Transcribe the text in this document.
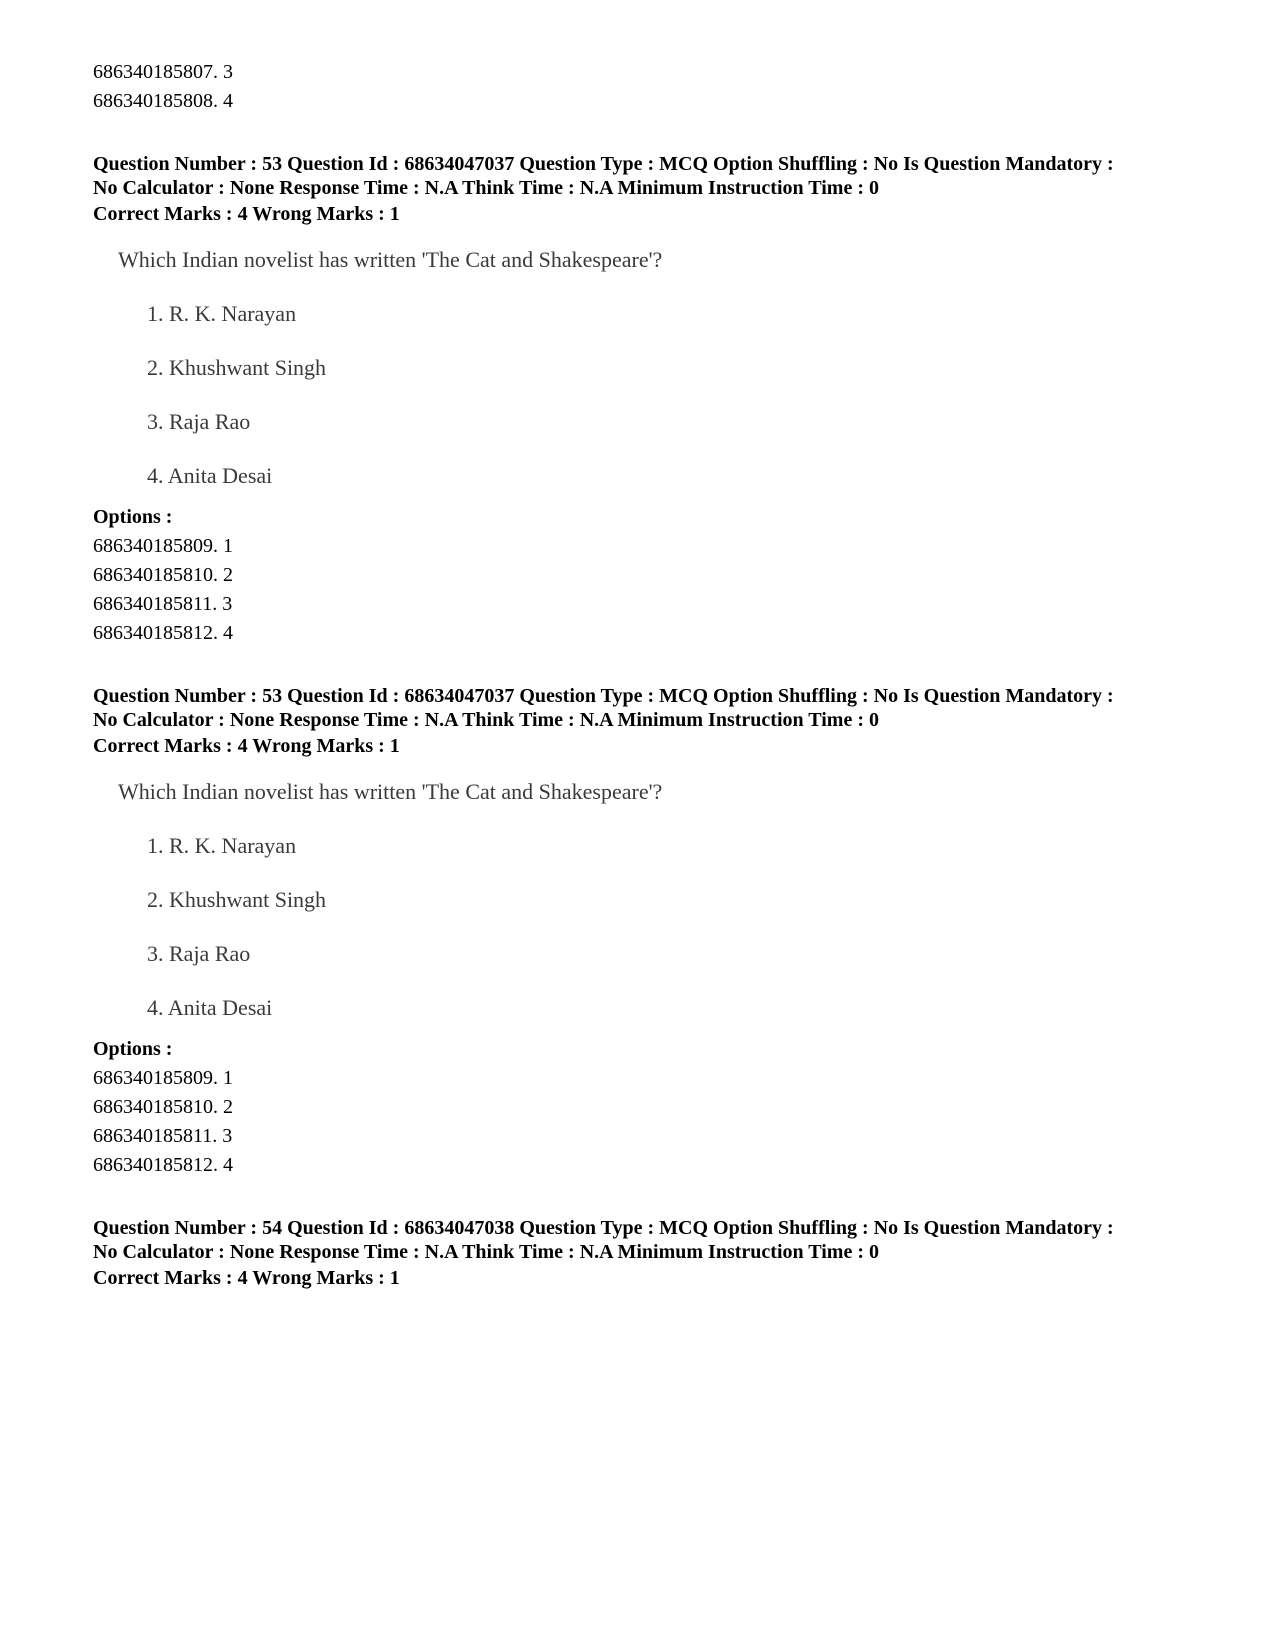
686340185807. 3
686340185808. 4
Question Number : 53 Question Id : 68634047037 Question Type : MCQ Option Shuffling : No Is Question Mandatory :
No Calculator : None Response Time : N.A Think Time : N.A Minimum Instruction Time : 0
Correct Marks : 4 Wrong Marks : 1
Which Indian novelist has written 'The Cat and Shakespeare'?
1. R. K. Narayan
2. Khushwant Singh
3. Raja Rao
4. Anita Desai
Options :
686340185809. 1
686340185810. 2
686340185811. 3
686340185812. 4
Question Number : 53 Question Id : 68634047037 Question Type : MCQ Option Shuffling : No Is Question Mandatory :
No Calculator : None Response Time : N.A Think Time : N.A Minimum Instruction Time : 0
Correct Marks : 4 Wrong Marks : 1
Which Indian novelist has written 'The Cat and Shakespeare'?
1. R. K. Narayan
2. Khushwant Singh
3. Raja Rao
4. Anita Desai
Options :
686340185809. 1
686340185810. 2
686340185811. 3
686340185812. 4
Question Number : 54 Question Id : 68634047038 Question Type : MCQ Option Shuffling : No Is Question Mandatory :
No Calculator : None Response Time : N.A Think Time : N.A Minimum Instruction Time : 0
Correct Marks : 4 Wrong Marks : 1
